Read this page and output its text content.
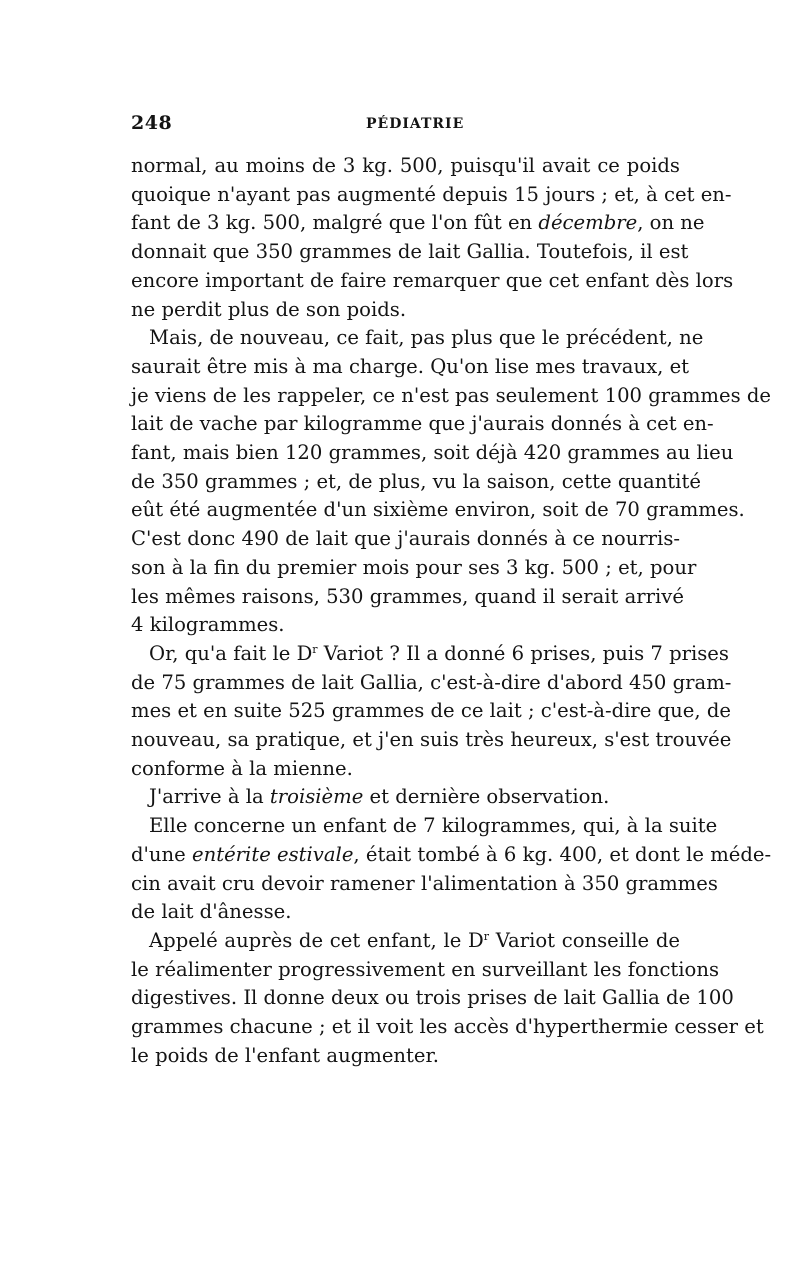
248	PÉDIATRIE
normal, au moins de 3 kg. 500, puisqu'il avait ce poids
quoique n'ayant pas augmenté depuis 15 jours ; et, à cet en-
fant de 3 kg. 500, malgré que l'on fût en décembre, on ne
donnait que 350 grammes de lait Gallia. Toutefois, il est
encore important de faire remarquer que cet enfant dès lors
ne perdit plus de son poids.
Mais, de nouveau, ce fait, pas plus que le précédent, ne
saurait être mis à ma charge. Qu'on lise mes travaux, et
je viens de les rappeler, ce n'est pas seulement 100 grammes de
lait de vache par kilogramme que j'aurais donnés à cet en-
fant, mais bien 120 grammes, soit déjà 420 grammes au lieu
de 350 grammes ; et, de plus, vu la saison, cette quantité
eût été augmentée d'un sixième environ, soit de 70 grammes.
C'est donc 490 de lait que j'aurais donnés à ce nourris-
son à la fin du premier mois pour ses 3 kg. 500 ; et, pour
les mêmes raisons, 530 grammes, quand il serait arrivé
4 kilogrammes.
Or, qu'a fait le $D^r$ Variot ? Il a donné 6 prises, puis 7 prises
de 75 grammes de lait Gallia, c'est-à-dire d'abord 450 gram-
mes et en suite 525 grammes de ce lait ; c'est-à-dire que, de
nouveau, sa pratique, et j'en suis très heureux, s'est trouvée
conforme à la mienne.
J'arrive à la troisième et dernière observation.
Elle concerne un enfant de 7 kilogrammes, qui, à la suite
d'une entérite estivale, était tombé à 6 kg. 400, et dont le méde-
cin avait cru devoir ramener l'alimentation à 350 grammes
de lait d'ânesse.
Appelé auprès de cet enfant, le $D^r$ Variot conseille de
le réalimenter progressivement en surveillant les fonctions
digestives. Il donne deux ou trois prises de lait Gallia de 100
grammes chacune ; et il voit les accès d'hyperthermie cesser et
le poids de l'enfant augmenter.
